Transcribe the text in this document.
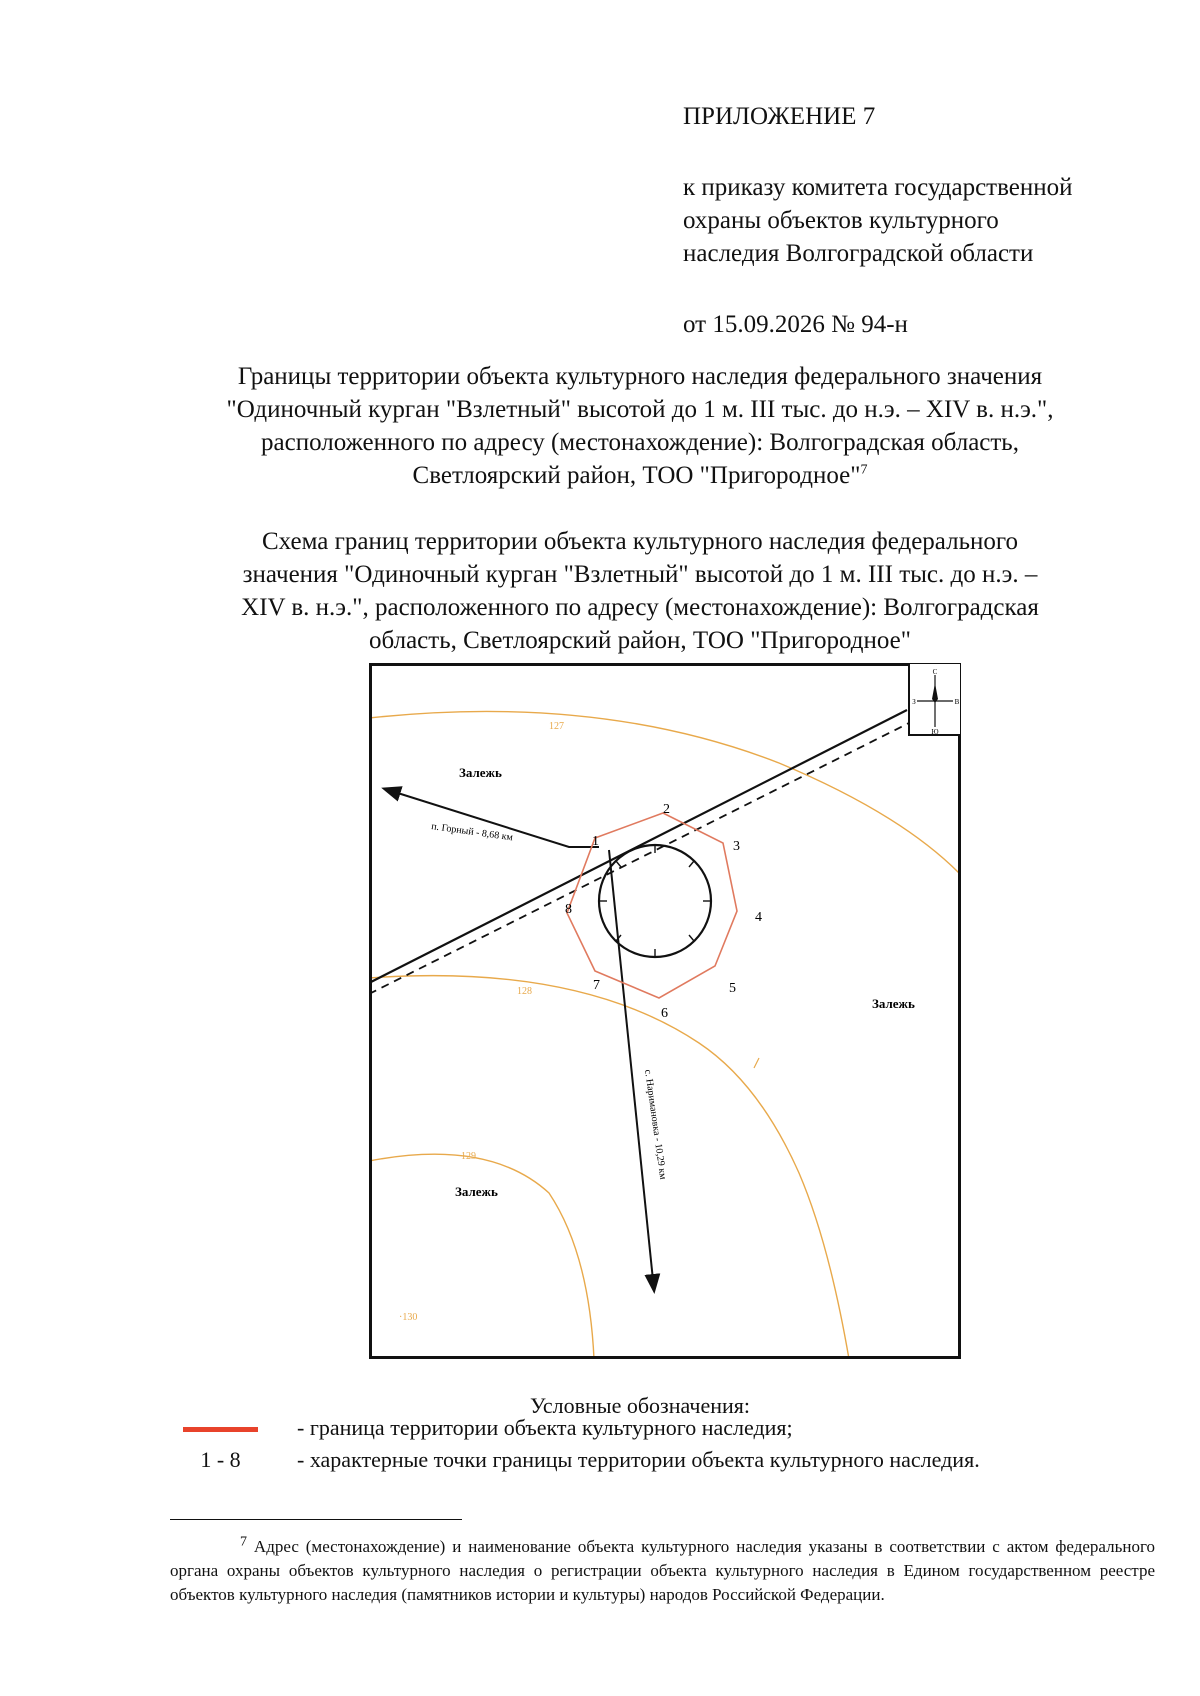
ПРИЛОЖЕНИЕ 7
к приказу комитета государственной
охраны объектов культурного
наследия Волгоградской области
от 15.09.2026 № 94-н
Границы территории объекта культурного наследия федерального значения
"Одиночный курган "Взлетный" высотой до 1 м. III тыс. до н.э. – XIV в. н.э.",
расположенного по адресу (местонахождение): Волгоградская область,
Светлоярский район, ТОО "Пригородное"$^7$
Схема границ территории объекта культурного наследия федерального
значения "Одиночный курган "Взлетный" высотой до 1 м. III тыс. до н.э. –
XIV в. н.э.", расположенного по адресу (местонахождение): Волгоградская
область, Светлоярский район, ТОО "Пригородное"
С
З	В
Ю
127
128
129
·130
Залежь
Залежь
Залежь
п. Горный - 8,68 км
с. Наримановка - 10,29 км
1
2
3
4
5
6
7
8
Условные обозначения:
- граница территории объекта культурного наследия;
1 - 8	- характерные точки границы территории объекта культурного наследия.
$^7$ Адрес (местонахождение) и наименование объекта культурного наследия указаны в соответствии с актом федерального органа охраны объектов культурного наследия о регистрации объекта культурного наследия в Едином государственном реестре объектов культурного наследия (памятников истории и культуры) народов Российской Федерации.
